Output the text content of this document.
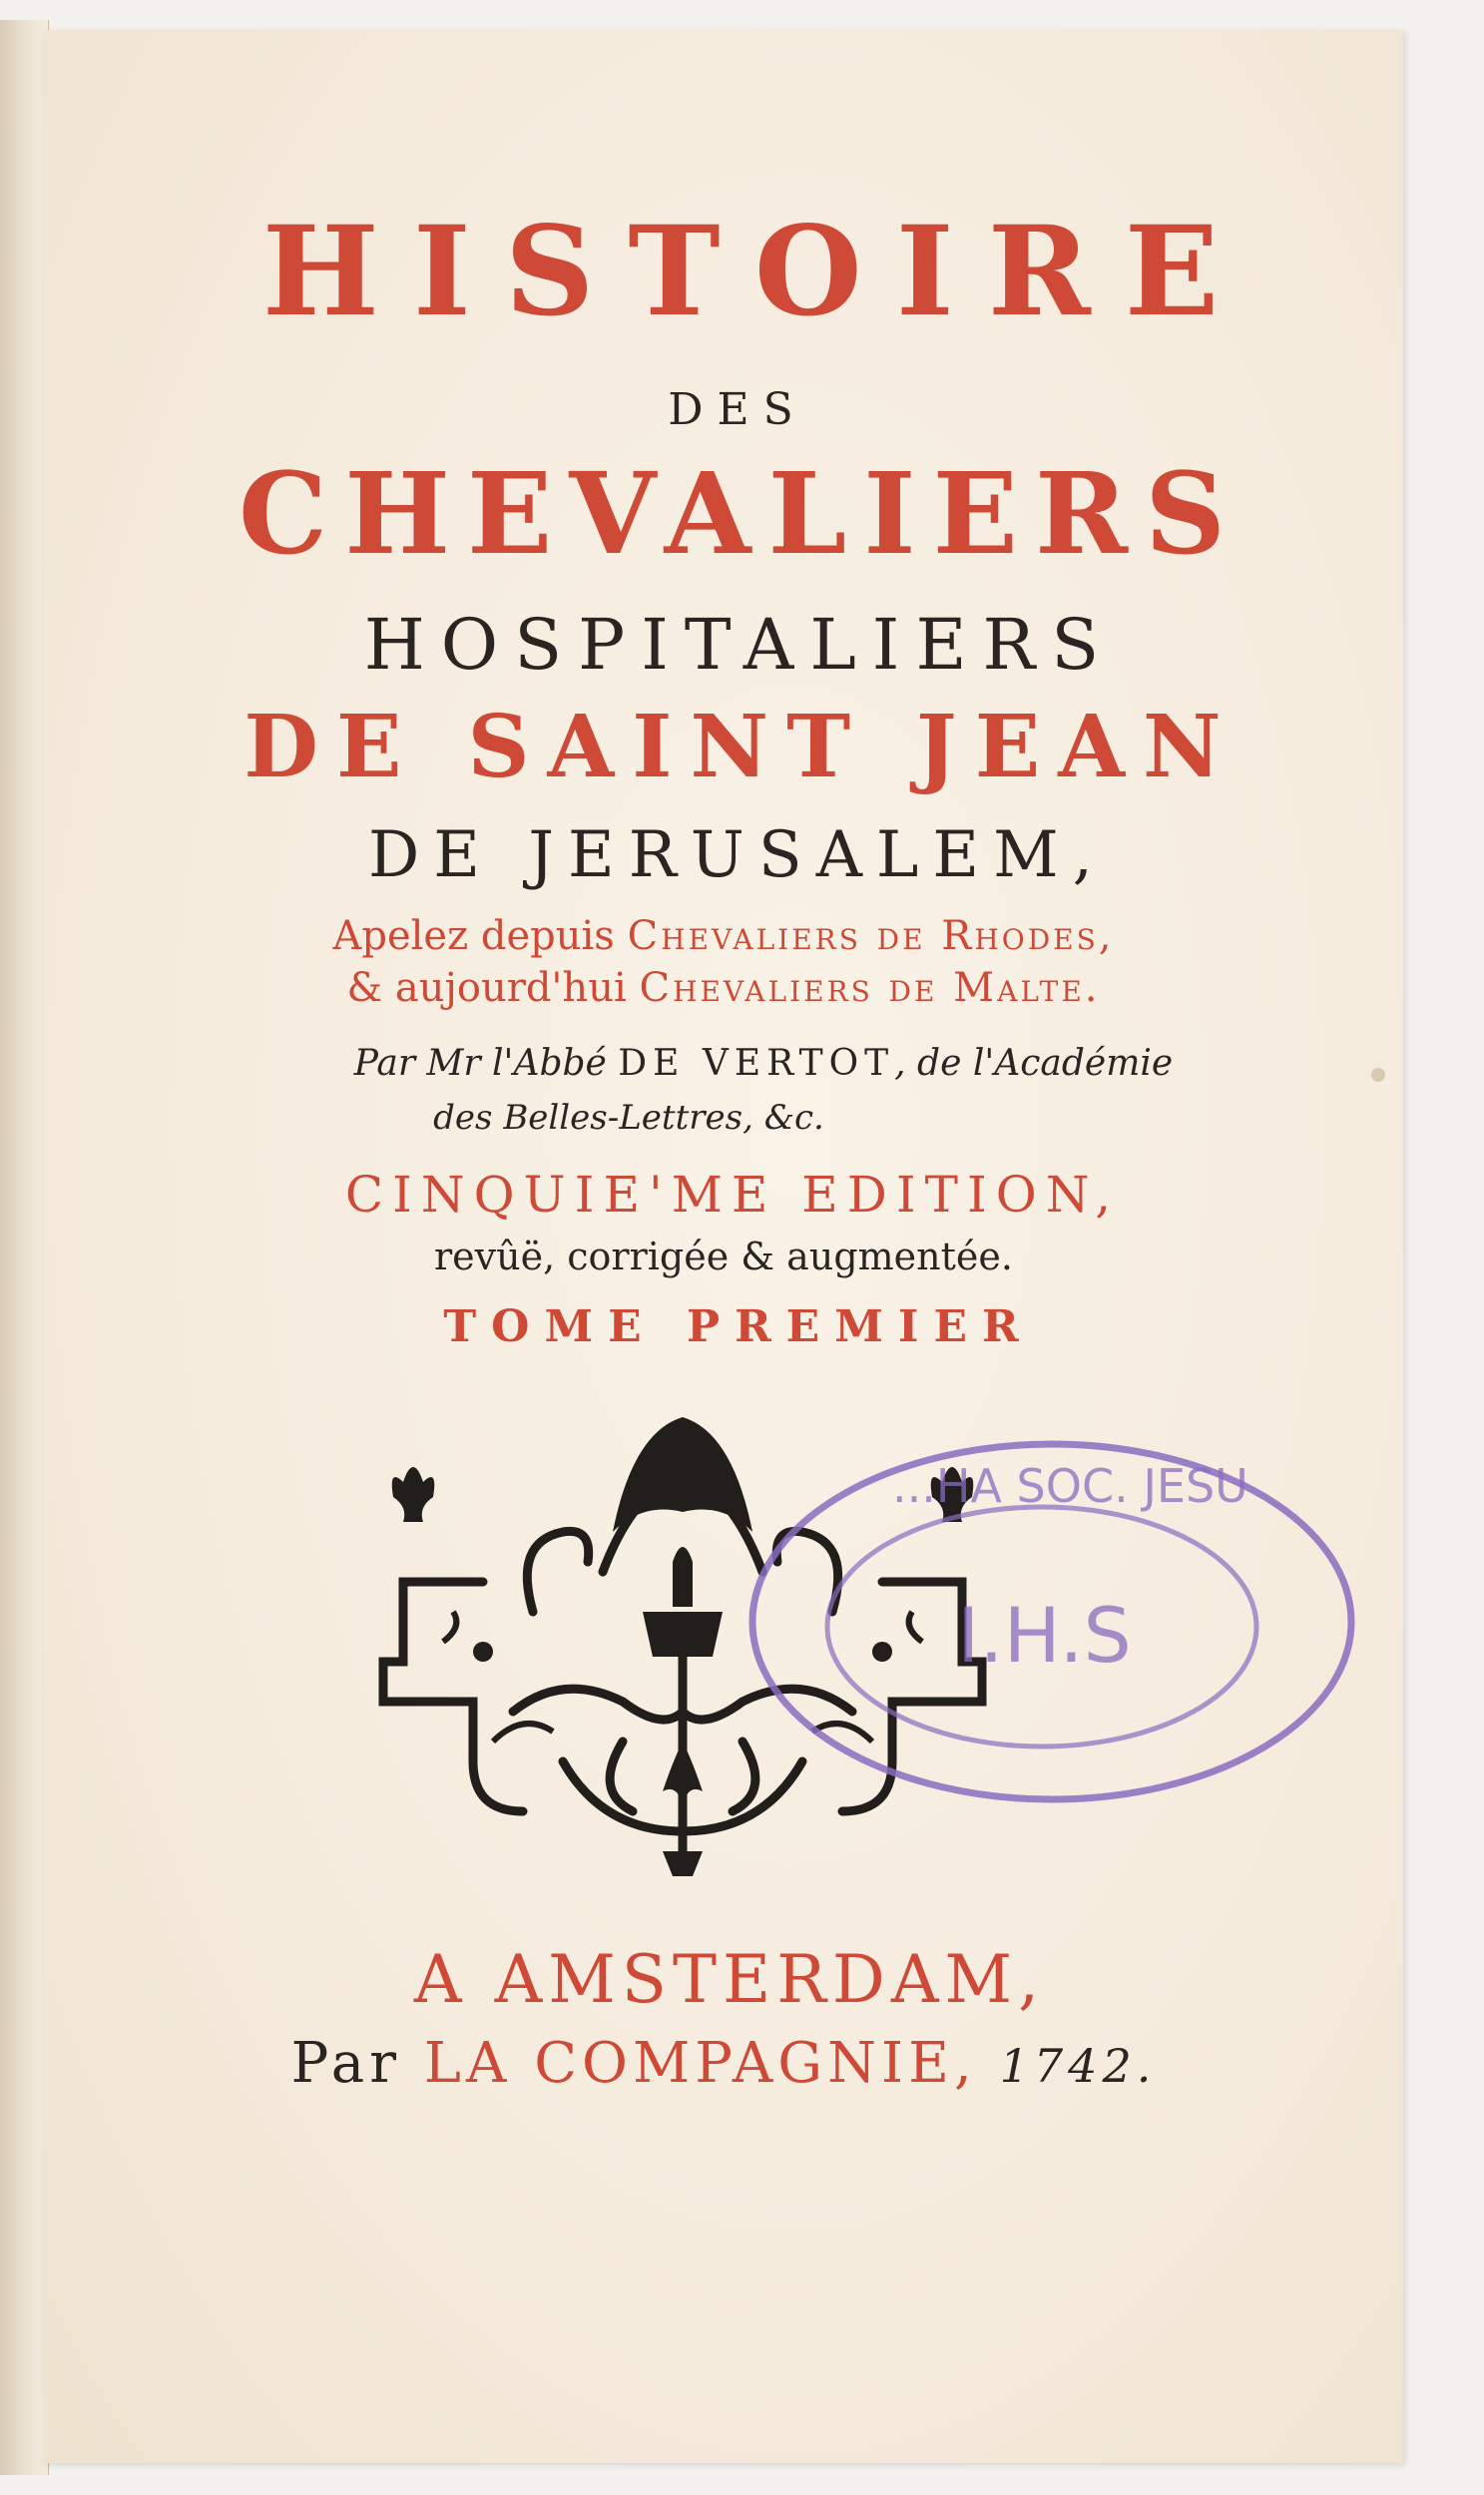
HISTOIRE
DES
CHEVALIERS
HOSPITALIERS
DE SAINT JEAN
DE JERUSALEM,
Apelez depuis Chevaliers de Rhodes,
& aujourd'hui Chevaliers de Malte.
Par Mr l'Abbé DE VERTOT, de l'Académie
des Belles-Lettres, &c.
CINQUIE'ME EDITION,
revûë, corrigée & augmentée.
TOME PREMIER
...HA SOC. JESU
I.H.S
A AMSTERDAM,
Par LA COMPAGNIE, 1742.
